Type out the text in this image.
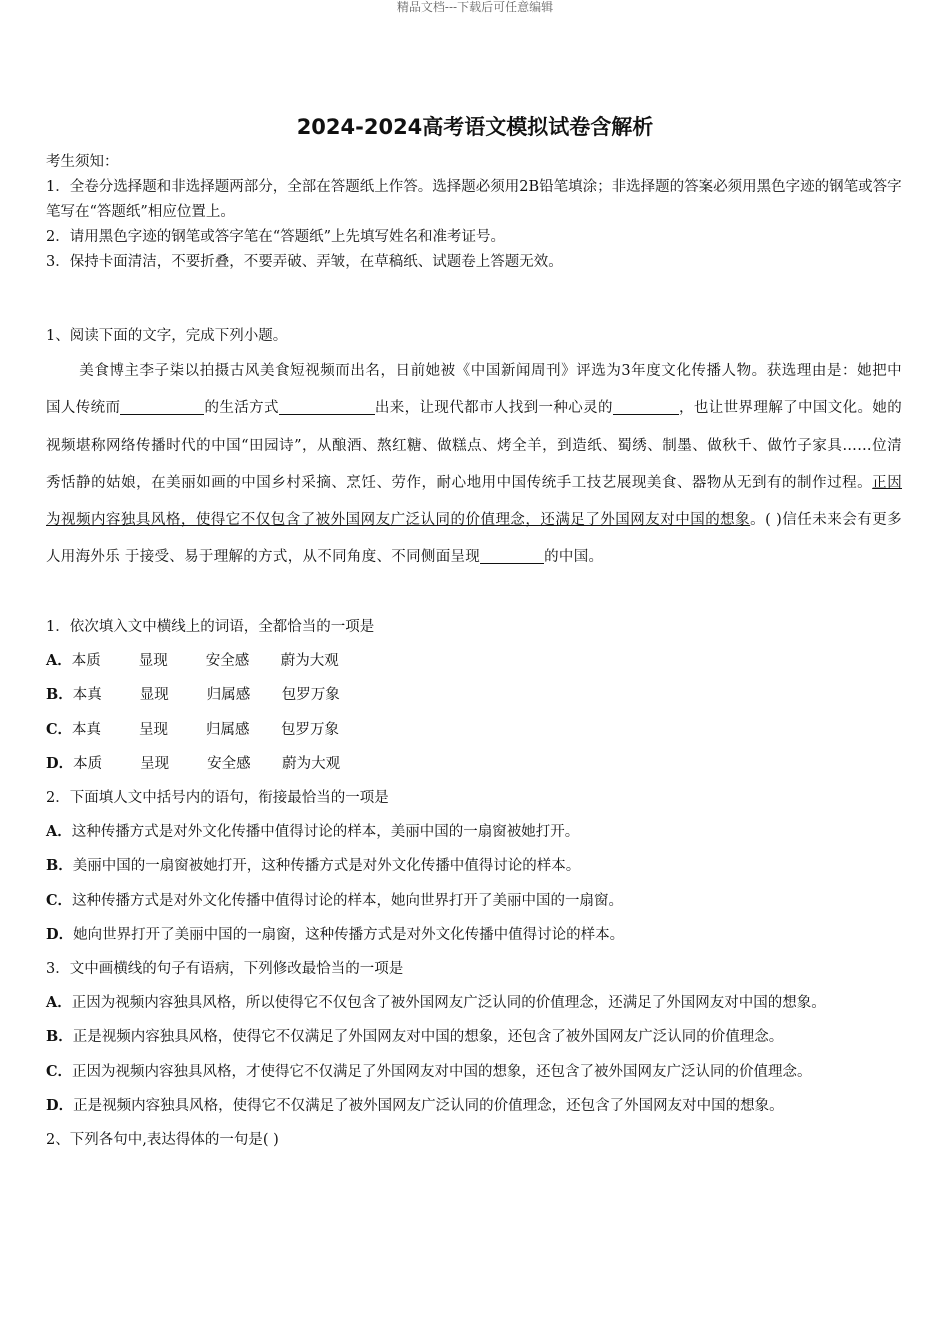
精品文档---下载后可任意编辑
2024-2024高考语文模拟试卷含解析

考生须知：

1．全卷分选择题和非选择题两部分，全部在答题纸上作答。选择题必须用2B铅笔填涂；非选择题的答案必须用黑色字迹的钢笔或答字笔写在“答题纸”相应位置上。

2．请用黑色字迹的钢笔或答字笔在“答题纸”上先填写姓名和准考证号。

3．保持卡面清洁，不要折叠，不要弄破、弄皱，在草稿纸、试题卷上答题无效。

1、阅读下面的文字，完成下列小题。
美食博主李子柒以拍摄古风美食短视频而出名，日前她被《中国新闻周刊》评选为3年度文化传播人物。获选理由是：她把中国人传统而	的生活方式	出来，让现代都市人找到一种心灵的	，也让世界理解了中国文化。她的视频堪称网络传播时代的中国“田园诗”，从酿酒、熬红糖、做糕点、烤全羊，到造纸、蜀绣、制墨、做秋千、做竹子家具……位清秀恬静的姑娘，在美丽如画的中国乡村采摘、烹饪、劳作，耐心地用中国传统手工技艺展现美食、器物从无到有的制作过程。正因为视频内容独具风格，使得它不仅包含了被外国网友广泛认同的价值理念，还满足了外国网友对中国的想象。( )信任未来会有更多人用海外乐 于接受、易于理解的方式，从不同角度、不同侧面呈现	的中国。

1．依次填入文中横线上的词语，全都恰当的一项是

A．本质	显现	安全感 蔚为大观

B．本真	显现	归属感 包罗万象

C．本真	呈现	归属感 包罗万象

D．本质	呈现	安全感 蔚为大观

2．下面填人文中括号内的语句，衔接最恰当的一项是

A．这种传播方式是对外文化传播中值得讨论的样本，美丽中国的一扇窗被她打开。

B．美丽中国的一扇窗被她打开，这种传播方式是对外文化传播中值得讨论的样本。

C．这种传播方式是对外文化传播中值得讨论的样本，她向世界打开了美丽中国的一扇窗。

D．她向世界打开了美丽中国的一扇窗，这种传播方式是对外文化传播中值得讨论的样本。

3．文中画横线的句子有语病，下列修改最恰当的一项是

A．正因为视频内容独具风格，所以使得它不仅包含了被外国网友广泛认同的价值理念，还满足了外国网友对中国的想象。

B．正是视频内容独具风格，使得它不仅满足了外国网友对中国的想象，还包含了被外国网友广泛认同的价值理念。

C．正因为视频内容独具风格，才使得它不仅满足了外国网友对中国的想象，还包含了被外国网友广泛认同的价值理念。

D．正是视频内容独具风格，使得它不仅满足了被外国网友广泛认同的价值理念，还包含了外国网友对中国的想象。

2、下列各句中,表达得体的一句是( )
